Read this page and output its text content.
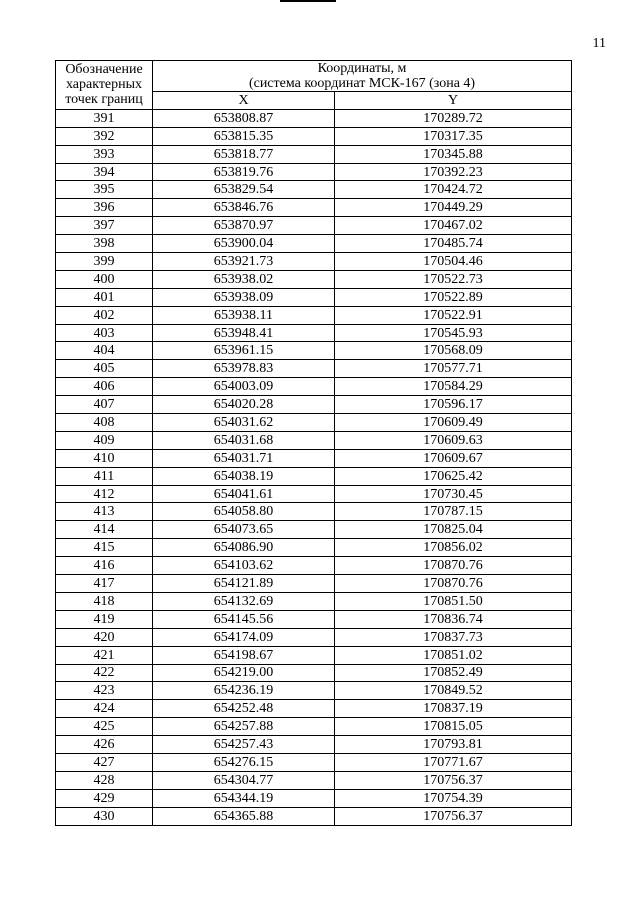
11
Обозначение
характерных
точек границ	Координаты, м
(система координат МСК-167 (зона 4)	

	X	Y
391	653808.87	170289.72
392	653815.35	170317.35
393	653818.77	170345.88
394	653819.76	170392.23
395	653829.54	170424.72
396	653846.76	170449.29
397	653870.97	170467.02
398	653900.04	170485.74
399	653921.73	170504.46
400	653938.02	170522.73
401	653938.09	170522.89
402	653938.11	170522.91
403	653948.41	170545.93
404	653961.15	170568.09
405	653978.83	170577.71
406	654003.09	170584.29
407	654020.28	170596.17
408	654031.62	170609.49
409	654031.68	170609.63
410	654031.71	170609.67
411	654038.19	170625.42
412	654041.61	170730.45
413	654058.80	170787.15
414	654073.65	170825.04
415	654086.90	170856.02
416	654103.62	170870.76
417	654121.89	170870.76
418	654132.69	170851.50
419	654145.56	170836.74
420	654174.09	170837.73
421	654198.67	170851.02
422	654219.00	170852.49
423	654236.19	170849.52
424	654252.48	170837.19
425	654257.88	170815.05
426	654257.43	170793.81
427	654276.15	170771.67
428	654304.77	170756.37
429	654344.19	170754.39
430	654365.88	170756.37
